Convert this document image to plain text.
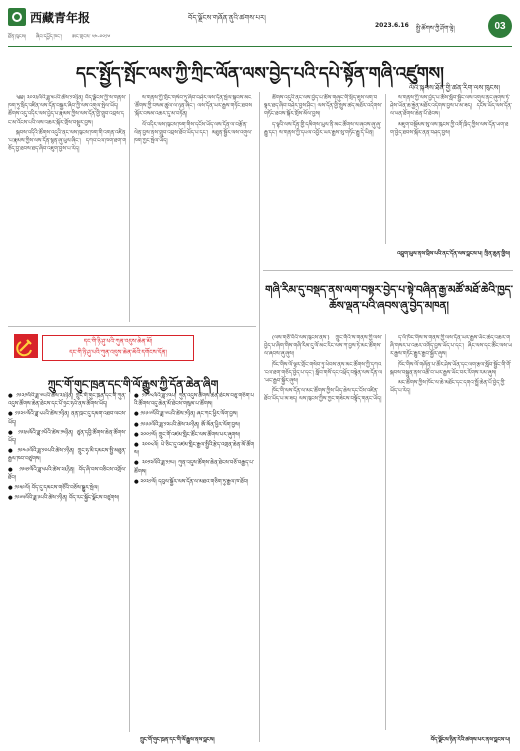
西藏青年报
ཐོན་ཁུངས། ཞིབ་དཔྱོད་ཁང་། ཨང་གྲངས་ ༥༤-༠༠༡༦
བོད་ལྗོངས་གཞོན་ནུའི་ཚགས་པར།
2023.6.16 སྤྱི་ཚོགས་ཀྱི་ཤོག་ལྷེ།	03
དང་སྤྱོད་སྤོང་ལས་ཀྱི་ཀྲིང་ལོན་ལས་བྱེད་པའི་དཔེ་སྟོན་གཞི་འཛུགས།
ལོའི་སྐབས་ཐོན་གྱི་ཚན་རིག་ལས་ཁུངས།

༄༅། ༢༠༢༣ལོའི་ཟླ་༥པའི་ཚེས་༡༢ཉིན། བོད་ལྗོངས་ཀྱི་ས་གནས་ཁག་ཏུ་སྲིད་འཛིན་ལས་དོན་བསྐྱར་ཞིབ་ཀྱི་ལས་འགུལ་སྤེལ་ཡོད། ཚོགས་འདུ་འདིར་ལས་བྱེད་པ་རྣམས་ཀྱིས་ལས་དོན་གྱི་གྲུབ་འབྲས་དང་མ་འོངས་པའི་ལས་འཆར་སྐོར་གྲོས་བསྡུར་བྱས།

སྐབས་འདིའི་ཚོགས་འདུའི་ནང་ལས་ཁུངས་ཁག་གི་འགན་འཛིན་པ་རྣམས་ཀྱིས་ལས་དོན་སྙན་ཞུ་ཕུལ་ཞིང་། དཀའ་ངལ་ཁག་ཐག་གཅོད་བྱ་ཐབས་ཐད་ཞིབ་འཇུག་བྱས་པ་རེད།

ས་གནས་ཀྱི་གྲོང་གསེབ་ཏུ་ཞིབ་བཤེར་ལས་དོན་སྤེལ་སྐབས་མང་ཚོགས་ཀྱི་བསམ་ཚུལ་ལ་ཉན་ཞིང་། ལས་དོན་ཡར་རྒྱས་གཏོང་ཐབས་སྐོར་བསམ་འཆར་དུ་མ་བཏོན།

ལོ་འདིར་ལས་ཁུངས་ཁག་གིས་དངོས་ཡོད་ལས་དོན་ལ་བརྩོན་ལེན་བྱས་ནས་གྲུབ་འབྲས་ཐོབ་ཡོད་པ་དང་། མཐུན་སྦྱོར་ལས་འགུལ་ཁག་ཀྱང་སྤེལ་ཡོད།

ཚོགས་འདུའི་ནང་ལས་བྱེད་པ་ཚོས་གཞུང་གི་སྲིད་ཇུས་ལག་བསྟར་ཐད་ཞིབ་བཤེར་བྱས་ཤིང་། ལས་དོན་གྱི་སྤུས་ཚད་མཐོར་འདེགས་གཏོང་ཐབས་སྐོར་གྲོས་མོལ་བྱས།

ད་ལྟའི་ལས་དོན་གྱི་དམིགས་ཡུལ་ནི་མང་ཚོགས་ལ་ཞབས་ཞུ་ཞུ་རྒྱུ་དང་། ས་གནས་ཀྱི་དཔལ་འབྱོར་ཡར་རྒྱས་སུ་གཏོང་རྒྱུ་དེ་ཡིན།

ས་གནས་ཀྱི་ལས་བྱེད་པ་ཚོས་སློབ་སྦྱོང་ལས་འགུལ་ནང་ཞུགས་ཏེ་ཤེས་ཡོན་ཆ་རྐྱེན་མཐོར་འདེགས་བྱས་པ་མ་ཟད། དངོས་ཡོད་ལས་དོན་ལ་ཕན་ཐོགས་ཆེན་པོ་ཐེབས།

མཇུག་བསྡོམས་སུ་ལས་ཁུངས་ཀྱི་འགོ་ཁྲིད་ཀྱིས་ལས་དོན་ཡག་ཐག་བྱེད་ཐབས་སྐོར་ནན་བཤད་བྱས།

འབྲུག་ཡུལ་ནས་བྲིས་པའི་ནང་དོན་ལས་བླངས་པ། ཀྲིན་ཆུན་གྱིས།
གཞི་རིམ་དུ་བསྡད་ནས་ལག་བསྟར་བྱེད་པ་སྟེ་བཞིན་རྒྱ་མཚོ་མཐོ་ཆེའི་ཁྱད་ཆོས་ལྡན་པའི་ཞབས་ཞུ་བྱེད་མཁན།

(ལས་གཙོ་བོའི་ལས་ཁུངས་ནས་) ཀྲུང་གོའི་ས་གནས་ཀྱི་ལས་བྱེད་པ་ཞིག་གིས་གཞི་རིམ་དུ་ལོ་མང་རིང་ལས་ཀ་བྱས་ཏེ་མང་ཚོགས་ལ་ཞབས་ཞུ་ཞུས།

ཁོང་གིས་ལོ་ལྟར་གྲོང་གསེབ་ཏུ་ཕེབས་ནས་མང་ཚོགས་ཀྱི་དཀའ་ངལ་ཐག་གཅོད་བྱེད་པ་དང་། སློབ་གསོ་དང་འཕྲོད་བསྟེན་ལས་དོན་ལ་ཡང་རྒྱབ་སྐྱོར་ཞུས།

ཁོང་གི་ལས་དོན་ལ་མང་ཚོགས་ཀྱིས་ཡིད་ཆེས་དང་ངོས་འཛིན་ཐོབ་ཡོད་པ་མ་ཟད། ལས་ཁུངས་ཀྱིས་ཀྱང་གཟེངས་བསྟོད་གནང་ཡོད།

ད་ལོ་ཁོང་གིས་ས་གནས་ཀྱི་ལས་དོན་ཡར་རྒྱས་ཡོང་ཆེད་འཆར་གཞི་གསར་པ་འཆར་འགོད་བྱས་ཡོད་པ་དང་། ཞིང་ལས་དང་ཚོང་ལས་ཡར་རྒྱས་གཏོང་རྒྱུར་རྒྱབ་སྐྱོར་ཞུས།

ཁོང་གིས་ལོ་གཞོན་པ་ཚོར་ཤེས་ཡོན་དང་ལག་རྩལ་སློབ་སྦྱོང་གི་གོ་སྐབས་བསྐྲུན་ནས་འཚོ་བ་ཡར་རྒྱས་ཡོང་བར་རོགས་རམ་ཞུས།

མང་ཚོགས་ཀྱིས་ཁོང་ལ་ཆེ་མཐོང་དང་དགའ་སྤྲོ་ཆེན་པོ་བྱེད་ཀྱི་ཡོད་པ་རེད།

བོད་ལྗོངས་ཉིན་རེའི་ཚགས་པར་ནས་བླངས་པ།
དང་གི་ཉི་ཤུ་པའི་ཀུན་འདུས་ཆེན་མོ།
དང་གི་ཉི་ཤུ་པའི་ཀུན་འདུས་ཆེན་མོའི་དགོངས་དོན།
ཀྲུང་གོ་གུང་ཁྲན་དང་གི་ལོ་རྒྱུས་ཀྱི་དོན་ཆེན་ཞིག
● ༡༩༢༡ལོའི་ཟླ་༧པའི་ཚེས་༢༣ཉིན། ཀྲུང་གོ་གུང་ཁྲན་དང་གི་ཀུན་འདུས་ཚོགས་ཆེན་ཐེངས་དང་པོ་ཧྲང་ཧའེ་ནས་ཚོགས་ཡོད།
● ༡༩༢༧ལོའི་ཟླ་༨པའི་ཚེས་༡ཉིན། ནན་ཁྲང་དུ་དམག་འཐབ་ལངས་ཡོད།
● ༡༩༣༥ལོའི་ཟླ་༡པོའི་ཚེས་༡༥ཉིན། ཙུན་དབྱི་ཚོགས་ཆེན་ཚོགས་ཡོད།
● ༡༩༤༩ལོའི་ཟླ་༡༠པའི་ཚེས་༡ཉིན། ཀྲུང་ཧྭ་མི་དམངས་སྤྱི་མཐུན་རྒྱལ་ཁབ་བཙུགས།
● ༡༩༥༡ལོའི་ཟླ་༥པའི་ཚེས་༢༣ཉིན། བོད་ཞི་བས་བཅིངས་འགྲོལ་ཐོབ།
● ༡༩༥༩ལོ། བོད་དུ་དམངས་གཙོའི་བཅོས་སྒྱུར་སྤེལ།
● ༡༩༦༥ལོའི་ཟླ་༩པའི་ཚེས་༡ཉིན། བོད་རང་སྐྱོང་ལྗོངས་བཙུགས།
● ༡༩༧༨ལོའི་ཟླ་༡༢པ། ཀུན་འདུས་ཚོགས་ཆེན་ཐེངས་བཅུ་གཅིག་པའི་ཚོགས་འདུ་ཆེན་མོ་ཐེངས་གསུམ་པ་ཚོགས།
● ༡༩༩༧ལོའི་ཟླ་༧པའི་ཚེས་༡ཉིན། ཞང་ཀང་ཕྱིར་ལོག་བྱས།
● ༡༩༩༩ལོའི་ཟླ་༡༢པའི་ཚེས་༢༠ཉིན། ཨོ་མོན་ཕྱིར་ལོག་བྱས།
● ༢༠༠༡ལོ། ཀྲུང་གོ་འཛམ་གླིང་ཚོང་ལས་ཚོགས་པར་ཞུགས།
● ༢༠༠༨ལོ། པེ་ཅིང་དུ་འཛམ་གླིང་རྒྱལ་སྤྱིའི་རྩེད་འགྲན་ཆེན་མོ་ཚོགས།
● ༢༠༡༢ལོའི་ཟླ་༡༡པ། ཀུན་འདུས་ཚོགས་ཆེན་ཐེངས་བཅོ་བརྒྱད་པ་ཚོགས།
● ༢༠༢༡ལོ། དབུལ་སྐྱོར་ལས་དོན་ལ་མཐའ་གཅིག་ཏུ་རྒྱལ་ཁ་ཐོབ།
ཀྲུང་གོ་གུང་ཁྲན་དང་གི་ལོ་རྒྱུས་ནས་བླངས།
